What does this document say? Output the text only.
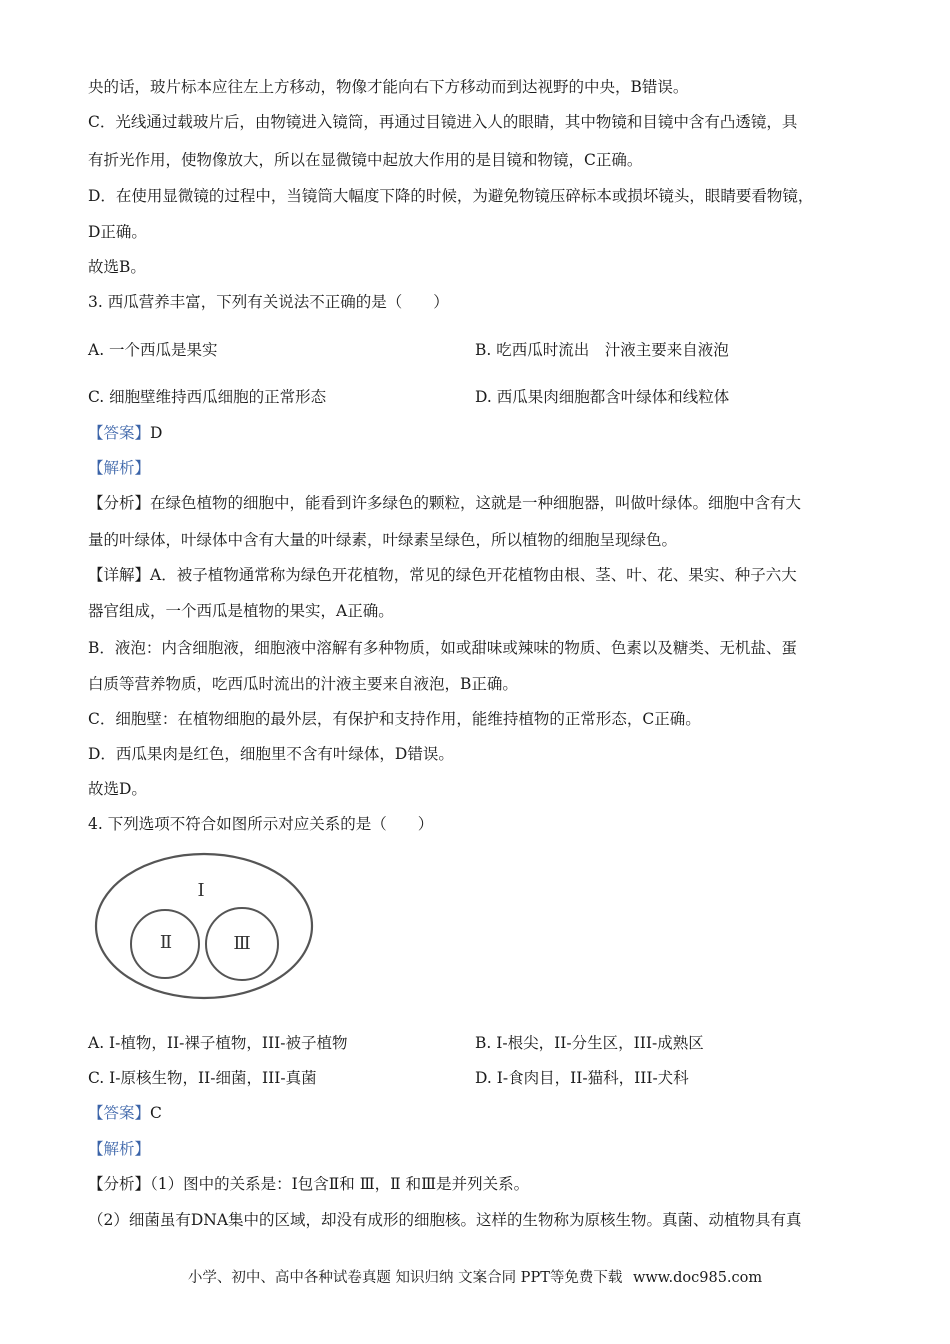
央的话，玻片标本应往左上方移动，物像才能向右下方移动而到达视野的中央，B错误。
C．光线通过载玻片后，由物镜进入镜筒，再通过目镜进入人的眼睛，其中物镜和目镜中含有凸透镜，具
有折光作用，使物像放大，所以在显微镜中起放大作用的是目镜和物镜，C正确。
D．在使用显微镜的过程中，当镜筒大幅度下降的时候，为避免物镜压碎标本或损坏镜头，眼睛要看物镜，
D正确。
故选B。
3. 西瓜营养丰富，下列有关说法不正确的是（　　）
A. 一个西瓜是果实	B. 吃西瓜时流出　汁液主要来自液泡
C. 细胞壁维持西瓜细胞的正常形态	D. 西瓜果肉细胞都含叶绿体和线粒体
【答案】D
【解析】
【分析】在绿色植物的细胞中，能看到许多绿色的颗粒，这就是一种细胞器，叫做叶绿体。细胞中含有大
量的叶绿体，叶绿体中含有大量的叶绿素，叶绿素呈绿色，所以植物的细胞呈现绿色。
【详解】A．被子植物通常称为绿色开花植物，常见的绿色开花植物由根、茎、叶、花、果实、种子六大
器官组成，一个西瓜是植物的果实，A正确。
B．液泡：内含细胞液，细胞液中溶解有多种物质，如或甜味或辣味的物质、色素以及糖类、无机盐、蛋
白质等营养物质，吃西瓜时流出的汁液主要来自液泡，B正确。
C．细胞壁：在植物细胞的最外层，有保护和支持作用，能维持植物的正常形态，C正确。
D．西瓜果肉是红色，细胞里不含有叶绿体，D错误。
故选D。
4. 下列选项不符合如图所示对应关系的是（　　）
Ⅰ
Ⅱ	Ⅲ
A. I-植物，II-裸子植物，III-被子植物	B. I-根尖，II-分生区，III-成熟区
C. I-原核生物，II-细菌，III-真菌	D. I-食肉目，II-猫科，III-犬科
【答案】C
【解析】
【分析】（1）图中的关系是：Ⅰ包含Ⅱ和 Ⅲ，Ⅱ 和Ⅲ是并列关系。
（2）细菌虽有DNA集中的区域，却没有成形的细胞核。这样的生物称为原核生物。真菌、动植物具有真
小学、初中、高中各种试卷真题 知识归纳 文案合同 PPT等免费下载 www.doc985.com
